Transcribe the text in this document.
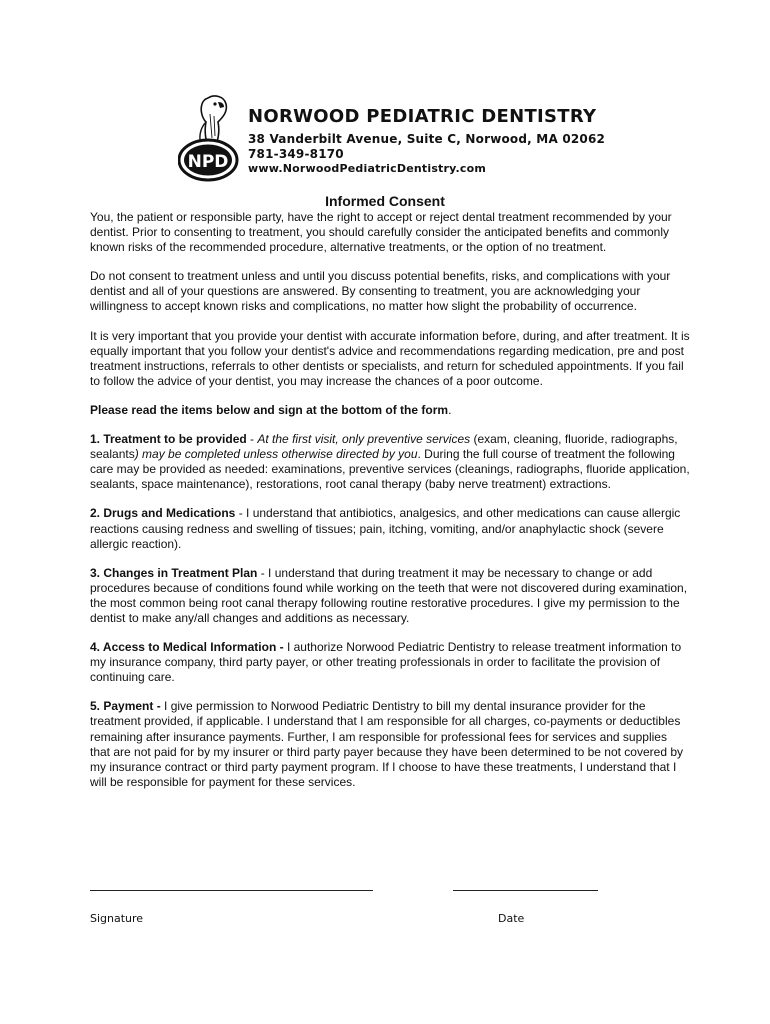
NPD
NORWOOD PEDIATRIC DENTISTRY
38 Vanderbilt Avenue, Suite C, Norwood, MA 02062
781-349-8170
www.NorwoodPediatricDentistry.com
Informed Consent

You, the patient or responsible party, have the right to accept or reject dental treatment recommended by your dentist. Prior to consenting to treatment, you should carefully consider the anticipated benefits and commonly known risks of the recommended procedure, alternative treatments, or the option of no treatment.

Do not consent to treatment unless and until you discuss potential benefits, risks, and complications with your dentist and all of your questions are answered. By consenting to treatment, you are acknowledging your willingness to accept known risks and complications, no matter how slight the probability of occurrence.

It is very important that you provide your dentist with accurate information before, during, and after treatment. It is equally important that you follow your dentist's advice and recommendations regarding medication, pre and post treatment instructions, referrals to other dentists or specialists, and return for scheduled appointments. If you fail to follow the advice of your dentist, you may increase the chances of a poor outcome.

Please read the items below and sign at the bottom of the form.

1. Treatment to be provided - At the first visit, only preventive services (exam, cleaning, fluoride, radiographs, sealants) may be completed unless otherwise directed by you. During the full course of treatment the following care may be provided as needed: examinations, preventive services (cleanings, radiographs, fluoride application, sealants, space maintenance), restorations, root canal therapy (baby nerve treatment) extractions.

2. Drugs and Medications - I understand that antibiotics, analgesics, and other medications can cause allergic reactions causing redness and swelling of tissues; pain, itching, vomiting, and/or anaphylactic shock (severe allergic reaction).

3. Changes in Treatment Plan - I understand that during treatment it may be necessary to change or add procedures because of conditions found while working on the teeth that were not discovered during examination, the most common being root canal therapy following routine restorative procedures. I give my permission to the dentist to make any/all changes and additions as necessary.

4. Access to Medical Information - I authorize Norwood Pediatric Dentistry to release treatment information to my insurance company, third party payer, or other treating professionals in order to facilitate the provision of continuing care.

5. Payment - I give permission to Norwood Pediatric Dentistry to bill my dental insurance provider for the treatment provided, if applicable. I understand that I am responsible for all charges, co-payments or deductibles remaining after insurance payments. Further, I am responsible for professional fees for services and supplies that are not paid for by my insurer or third party payer because they have been determined to be not covered by my insurance contract or third party payment program. If I choose to have these treatments, I understand that I will be responsible for payment for these services.

Signature	Date
